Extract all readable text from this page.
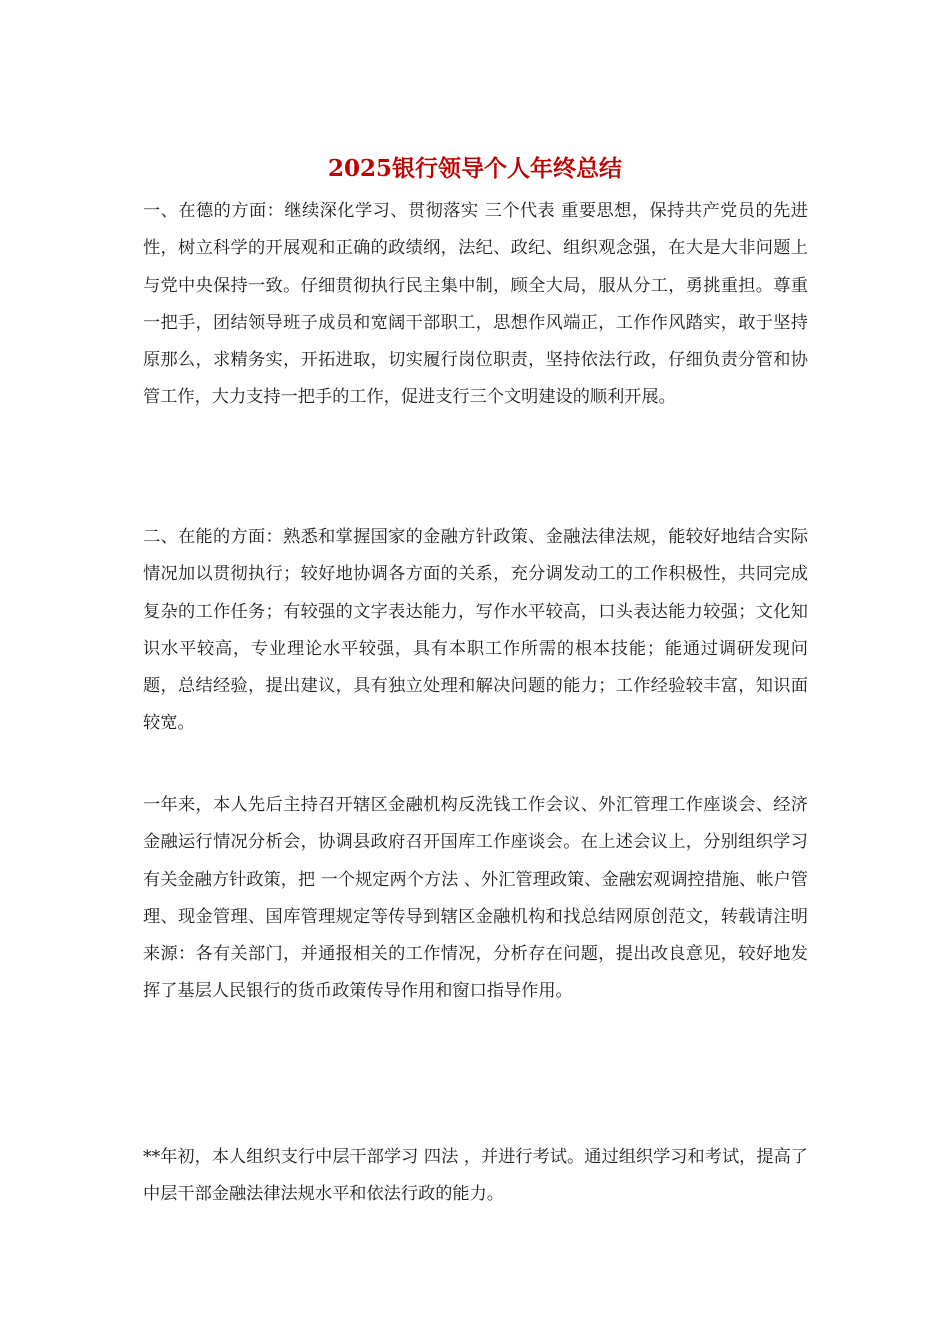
2025银行领导个人年终总结

一、在德的方面：继续深化学习、贯彻落实 三个代表 重要思想，保持共产党员的先进性，树立科学的开展观和正确的政绩纲，法纪、政纪、组织观念强，在大是大非问题上与党中央保持一致。仔细贯彻执行民主集中制，顾全大局，服从分工，勇挑重担。尊重一把手，团结领导班子成员和宽阔干部职工，思想作风端正，工作作风踏实，敢于坚持原那么，求精务实，开拓进取，切实履行岗位职责，坚持依法行政，仔细负责分管和协管工作，大力支持一把手的工作，促进支行三个文明建设的顺利开展。

二、在能的方面：熟悉和掌握国家的金融方针政策、金融法律法规，能较好地结合实际情况加以贯彻执行；较好地协调各方面的关系，充分调发动工的工作积极性，共同完成复杂的工作任务；有较强的文字表达能力，写作水平较高，口头表达能力较强；文化知识水平较高，专业理论水平较强，具有本职工作所需的根本技能；能通过调研发现问题，总结经验，提出建议，具有独立处理和解决问题的能力；工作经验较丰富，知识面较宽。

一年来，本人先后主持召开辖区金融机构反洗钱工作会议、外汇管理工作座谈会、经济金融运行情况分析会，协调县政府召开国库工作座谈会。在上述会议上，分别组织学习有关金融方针政策，把 一个规定两个方法 、外汇管理政策、金融宏观调控措施、帐户管理、现金管理、国库管理规定等传导到辖区金融机构和找总结网原创范文，转载请注明来源：各有关部门，并通报相关的工作情况，分析存在问题，提出改良意见，较好地发挥了基层人民银行的货币政策传导作用和窗口指导作用。

**年初，本人组织支行中层干部学习 四法 ，并进行考试。通过组织学习和考试，提高了中层干部金融法律法规水平和依法行政的能力。
